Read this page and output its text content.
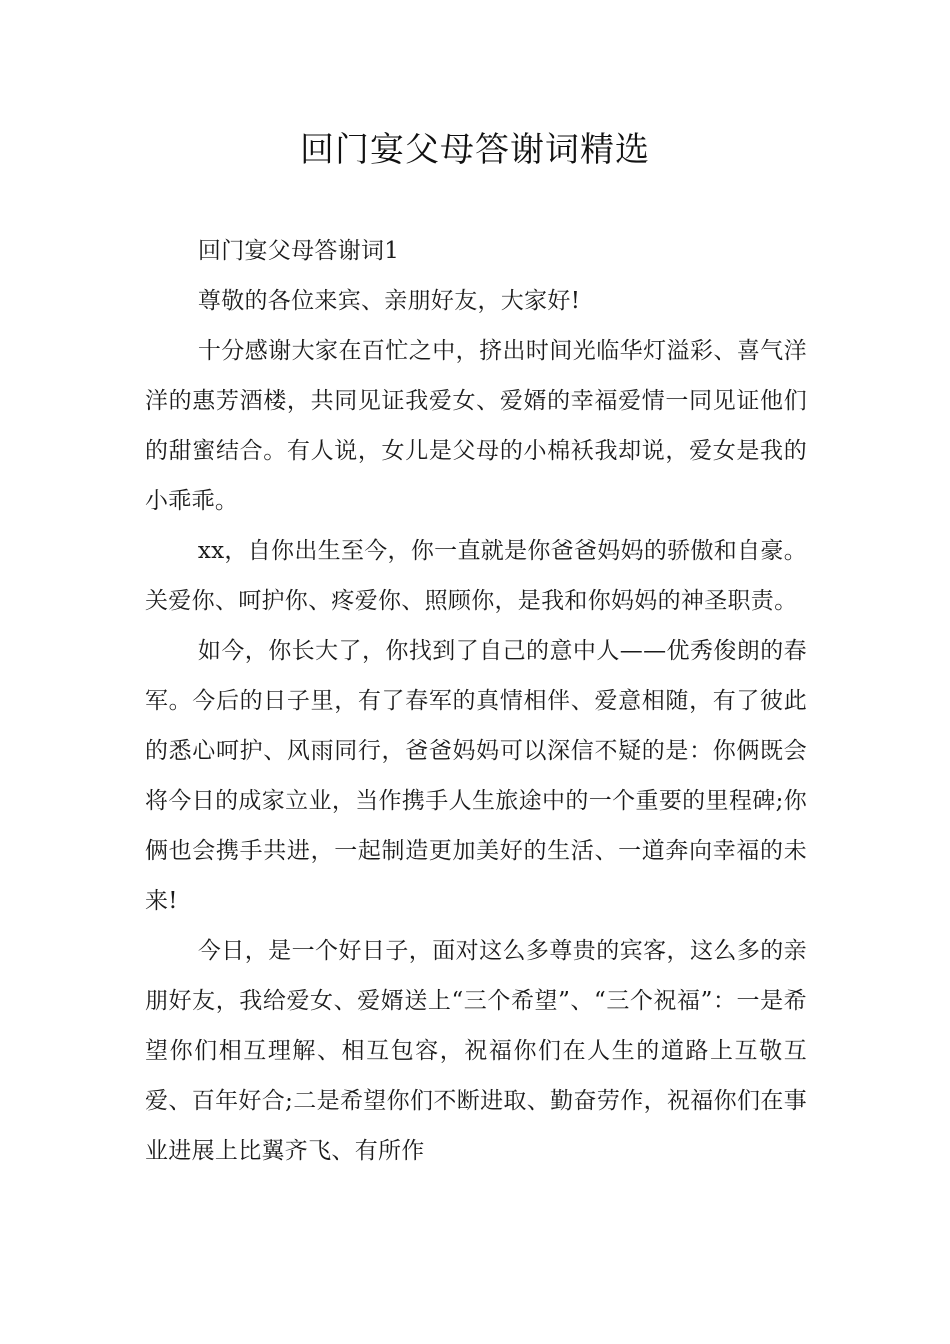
回门宴父母答谢词精选

回门宴父母答谢词1

尊敬的各位来宾、亲朋好友，大家好!

十分感谢大家在百忙之中，挤出时间光临华灯溢彩、喜气洋洋的惠芳酒楼，共同见证我爱女、爱婿的幸福爱情一同见证他们的甜蜜结合。有人说，女儿是父母的小棉袄我却说，爱女是我的小乖乖。

xx，自你出生至今，你一直就是你爸爸妈妈的骄傲和自豪。关爱你、呵护你、疼爱你、照顾你，是我和你妈妈的神圣职责。

如今，你长大了，你找到了自己的意中人——优秀俊朗的春军。今后的日子里，有了春军的真情相伴、爱意相随，有了彼此的悉心呵护、风雨同行，爸爸妈妈可以深信不疑的是：你俩既会将今日的成家立业，当作携手人生旅途中的一个重要的里程碑;你俩也会携手共进，一起制造更加美好的生活、一道奔向幸福的未来!

今日，是一个好日子，面对这么多尊贵的宾客，这么多的亲朋好友，我给爱女、爱婿送上“三个希望”、“三个祝福”：一是希望你们相互理解、相互包容，祝福你们在人生的道路上互敬互爱、百年好合;二是希望你们不断进取、勤奋劳作，祝福你们在事业进展上比翼齐飞、有所作
